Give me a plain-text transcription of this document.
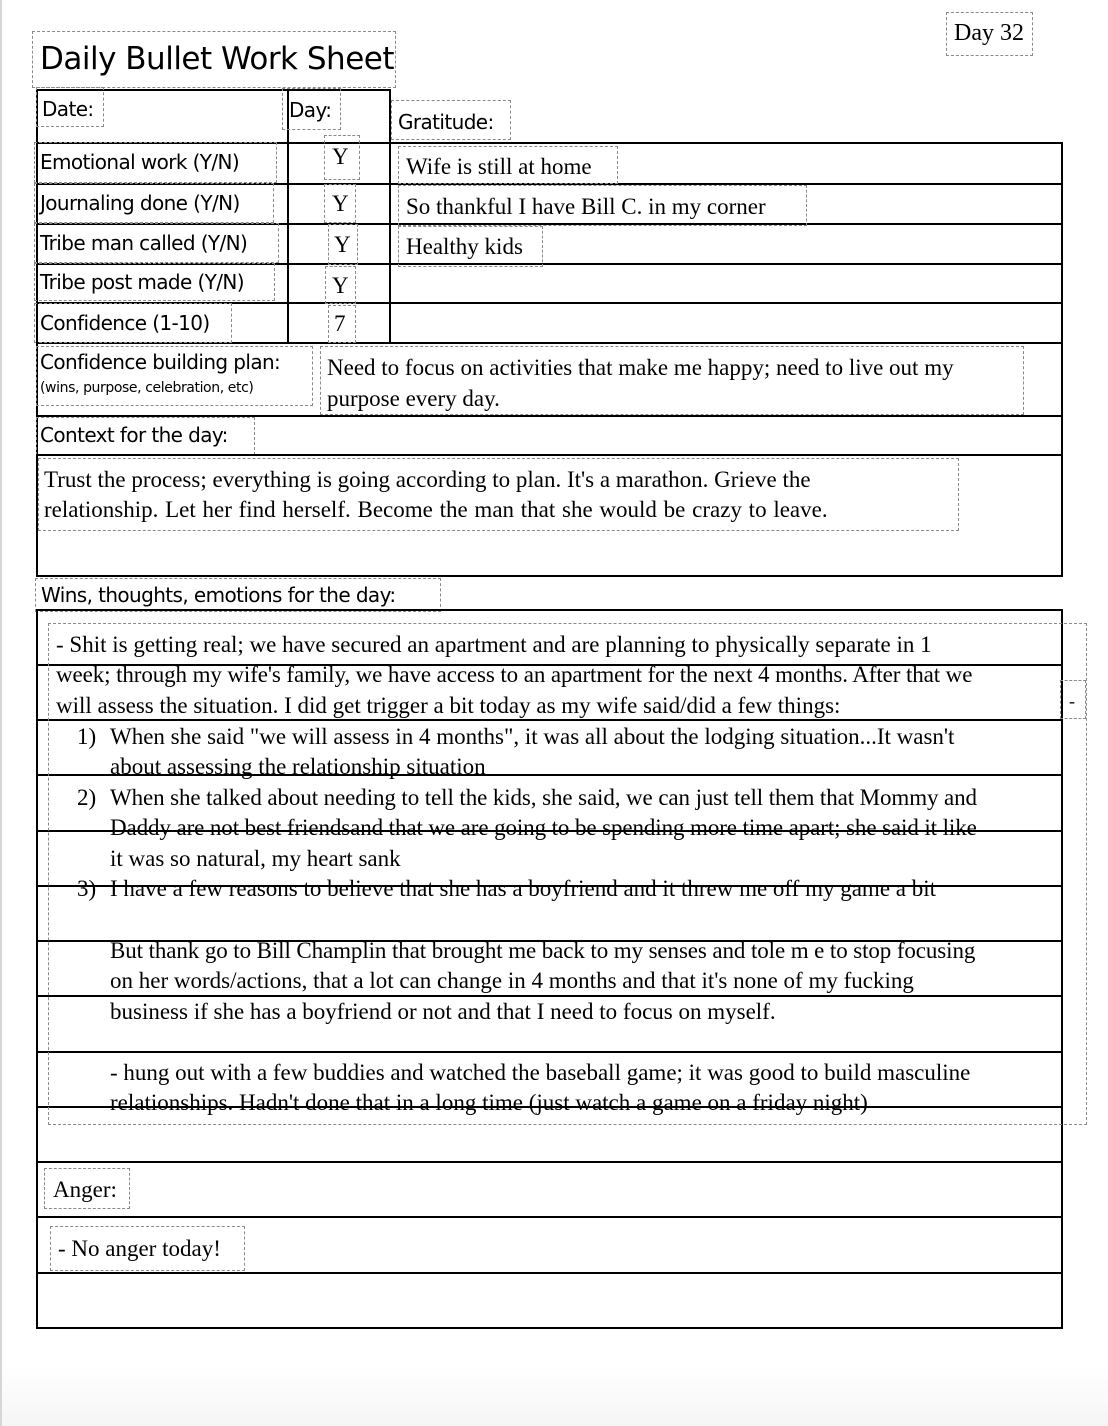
Day 32
Daily Bullet Work Sheet
Date:	Day:	Gratitude:
Emotional work (Y/N)	Y
Journaling done (Y/N)	Y
Tribe man called (Y/N)	Y
Tribe post made (Y/N)	Y
Confidence (1-10)	7
Wife is still at home
So thankful I have Bill C. in my corner
Healthy kids
Confidence building plan:
(wins, purpose, celebration, etc)
Need to focus on activities that make me happy; need to live out my
purpose every day.
Context for the day:
Trust the process; everything is going according to plan. It's a marathon. Grieve the
relationship. Let her find herself. Become the man that she would be crazy to leave.
Wins, thoughts, emotions for the day:
-
- Shit is getting real; we have secured an apartment and are planning to physically separate in 1
week; through my wife's family, we have access to an apartment for the next 4 months. After that we
will assess the situation. I did get trigger a bit today as my wife said/did a few things:
1) When she said "we will assess in 4 months", it was all about the lodging situation...It wasn't
about assessing the relationship situation
2) When she talked about needing to tell the kids, she said, we can just tell them that Mommy and
Daddy are not best friendsand that we are going to be spending more time apart; she said it like
it was so natural, my heart sank
3) I have a few reasons to believe that she has a boyfriend and it threw me off my game a bit
But thank go to Bill Champlin that brought me back to my senses and tole m e to stop focusing
on her words/actions, that a lot can change in 4 months and that it's none of my fucking
business if she has a boyfriend or not and that I need to focus on myself.
- hung out with a few buddies and watched the baseball game; it was good to build masculine
relationships. Hadn't done that in a long time (just watch a game on a friday night)
Anger:
- No anger today!
